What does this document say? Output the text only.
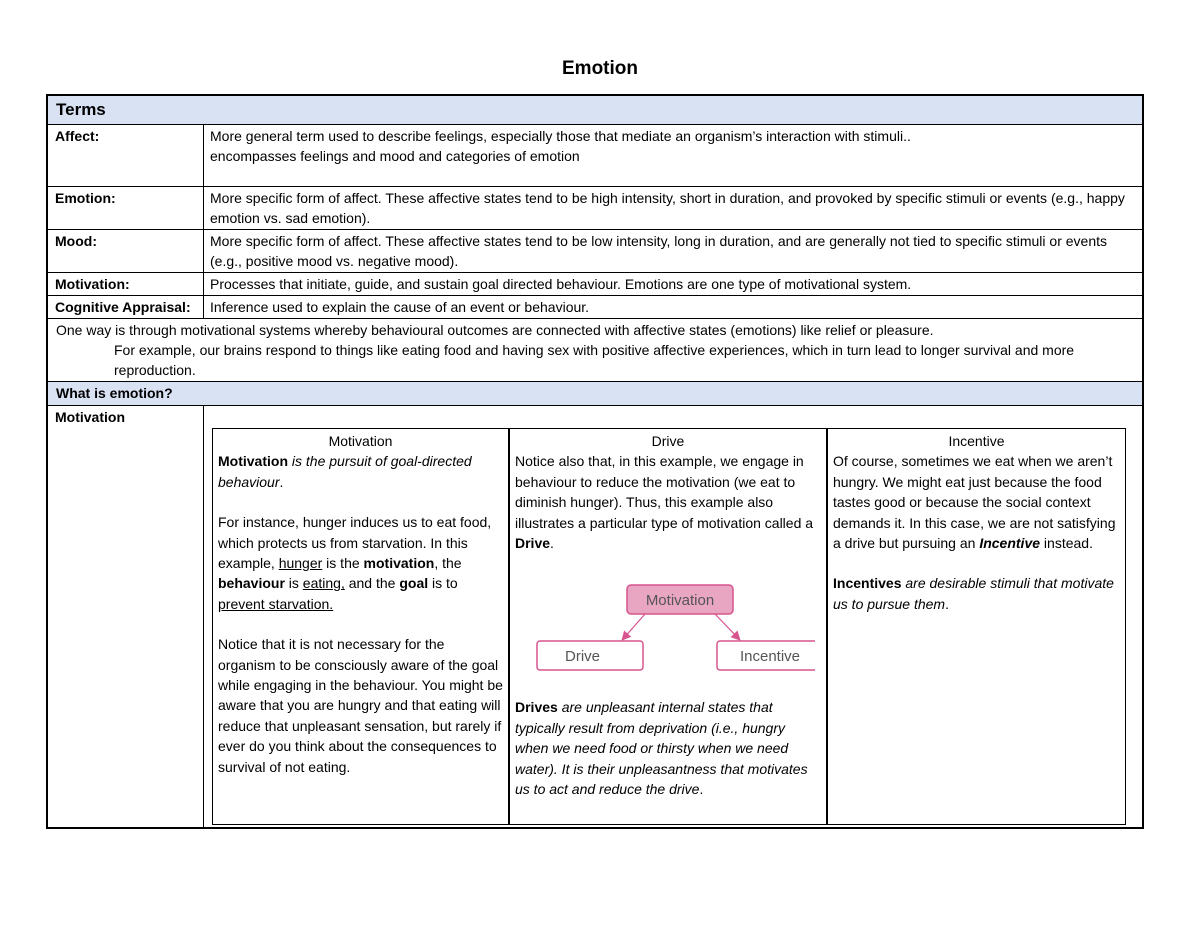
Emotion
Terms
Affect:	More general term used to describe feelings, especially those that mediate an organism’s interaction with stimuli..
encompasses feelings and mood and categories of emotion
Emotion:	More specific form of affect. These affective states tend to be high intensity, short in duration, and provoked by specific stimuli or events (e.g., happy emotion vs. sad emotion).
Mood:	More specific form of affect. These affective states tend to be low intensity, long in duration, and are generally not tied to specific stimuli or events (e.g., positive mood vs. negative mood).
Motivation:	Processes that initiate, guide, and sustain goal directed behaviour. Emotions are one type of motivational system.
Cognitive Appraisal:	Inference used to explain the cause of an event or behaviour.
One way is through motivational systems whereby behavioural outcomes are connected with affective states (emotions) like relief or pleasure.
For example, our brains respond to things like eating food and having sex with positive affective experiences, which in turn lead to longer survival and more reproduction.
What is emotion?
Motivation
Motivation

Motivation is the pursuit of goal-directed behaviour.

For instance, hunger induces us to eat food, which protects us from starvation. In this example, hunger is the motivation, the behaviour is eating, and the goal is to prevent starvation.

Notice that it is not necessary for the organism to be consciously aware of the goal while engaging in the behaviour. You might be aware that you are hungry and that eating will reduce that unpleasant sensation, but rarely if ever do you think about the consequences to survival of not eating.

Drive

Notice also that, in this example, we engage in behaviour to reduce the motivation (we eat to diminish hunger). Thus, this example also illustrates a particular type of motivation called a Drive.

Motivation
Drive	Incentive

Drives are unpleasant internal states that typically result from deprivation (i.e., hungry when we need food or thirsty when we need water). It is their unpleasantness that motivates us to act and reduce the drive.

Incentive

Of course, sometimes we eat when we aren’t hungry. We might eat just because the food tastes good or because the social context demands it. In this case, we are not satisfying a drive but pursuing an Incentive instead.

Incentives are desirable stimuli that motivate us to pursue them.
